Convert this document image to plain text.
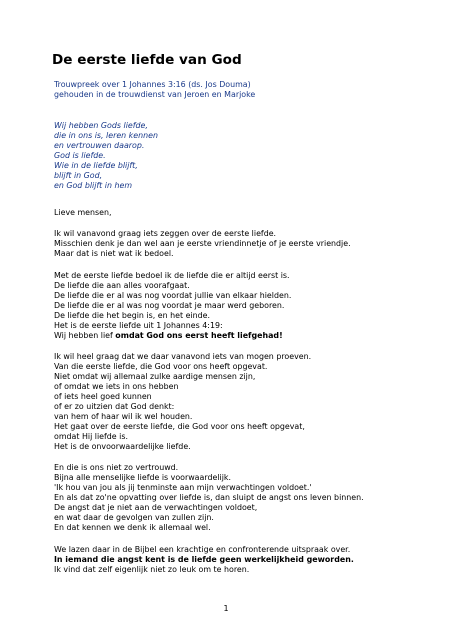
De eerste liefde van God
Trouwpreek over 1 Johannes 3:16 (ds. Jos Douma)
gehouden in de trouwdienst van Jeroen en Marjoke
Wij hebben Gods liefde,
die in ons is, leren kennen
en vertrouwen daarop.
God is liefde.
Wie in de liefde blijft,
blijft in God,
en God blijft in hem
Lieve mensen,
Ik wil vanavond graag iets zeggen over de eerste liefde.
Misschien denk je dan wel aan je eerste vriendinnetje of je eerste vriendje.
Maar dat is niet wat ik bedoel.
Met de eerste liefde bedoel ik de liefde die er altijd eerst is.
De liefde die aan alles voorafgaat.
De liefde die er al was nog voordat jullie van elkaar hielden.
De liefde die er al was nog voordat je maar werd geboren.
De liefde die het begin is, en het einde.
Het is de eerste liefde uit 1 Johannes 4:19:
Wij hebben lief omdat God ons eerst heeft liefgehad!
Ik wil heel graag dat we daar vanavond iets van mogen proeven.
Van die eerste liefde, die God voor ons heeft opgevat.
Niet omdat wij allemaal zulke aardige mensen zijn,
of omdat we iets in ons hebben
of iets heel goed kunnen
of er zo uitzien dat God denkt:
van hem of haar wil ik wel houden.
Het gaat over de eerste liefde, die God voor ons heeft opgevat,
omdat Hij liefde is.
Het is de onvoorwaardelijke liefde.
En die is ons niet zo vertrouwd.
Bijna alle menselijke liefde is voorwaardelijk.
'Ik hou van jou als jij tenminste aan mijn verwachtingen voldoet.'
En als dat zo'ne opvatting over liefde is, dan sluipt de angst ons leven binnen.
De angst dat je niet aan de verwachtingen voldoet,
en wat daar de gevolgen van zullen zijn.
En dat kennen we denk ik allemaal wel.
We lazen daar in de Bijbel een krachtige en confronterende uitspraak over.
In iemand die angst kent is de liefde geen werkelijkheid geworden.
Ik vind dat zelf eigenlijk niet zo leuk om te horen.
1
